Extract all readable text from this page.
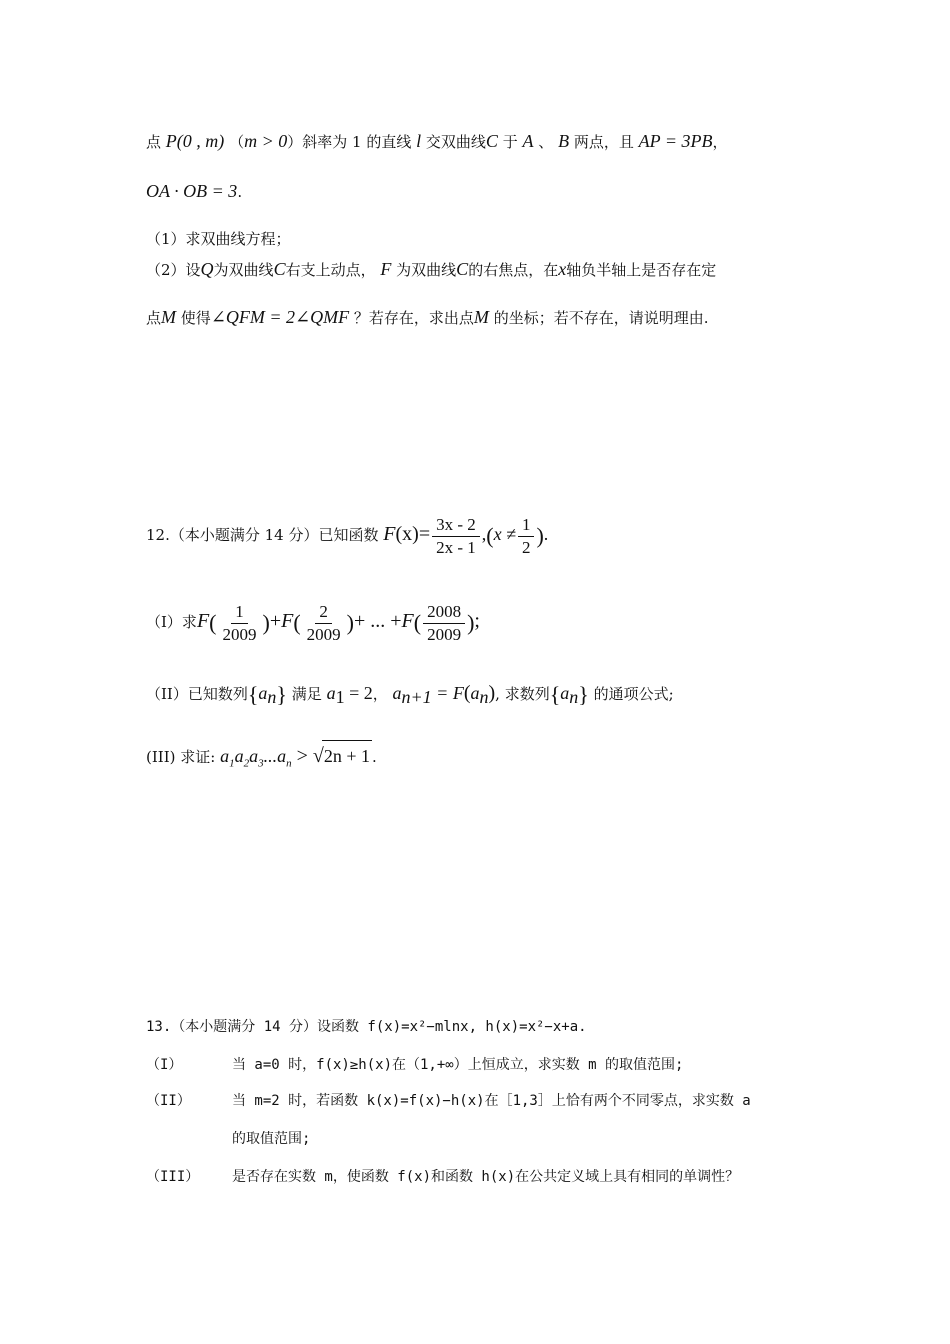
点 P(0 , m) （m > 0）斜率为 1 的直线 l 交双曲线C 于 A 、 B 两点，且 AP = 3PB，
OA · OB = 3.
（1）求双曲线方程；
（2）设Q为双曲线C右支上动点， F 为双曲线C的右焦点，在x轴负半轴上是否存在定
点M 使得∠QFM = 2∠QMF ？若存在，求出点M 的坐标；若不存在，请说明理由.
12.（本小题满分 14 分）已知函数 $F(x)= \frac{3x - 2}{2x - 1} ,(x \ne \frac{1}{2}$ ).
（I）求$F( \frac{1}{2009} )+F( \frac{2}{2009}$ )+ ... $+F( \frac{2008}{2009}$ );
（II）已知数列$\{a_n\}$ 满足 $a_1 = 2$， $a_{n+1} = F(a_n)$, 求数列$\{a_n\}$ 的通项公式;
(III) 求证: $a_1a_2a_3...a_n > √2n + 1$ .
13.（本小题满分 14 分）设函数 f(x)=x²−mlnx, h(x)=x²−x+a.
（I）	当 a=0 时，f(x)≥h(x)在（1,+∞）上恒成立，求实数 m 的取值范围;
（II）	当 m=2 时，若函数 k(x)=f(x)−h(x)在［1,3］上恰有两个不同零点，求实数 a
的取值范围;
（III） 是否存在实数 m，使函数 f(x)和函数 h(x)在公共定义域上具有相同的单调性？
